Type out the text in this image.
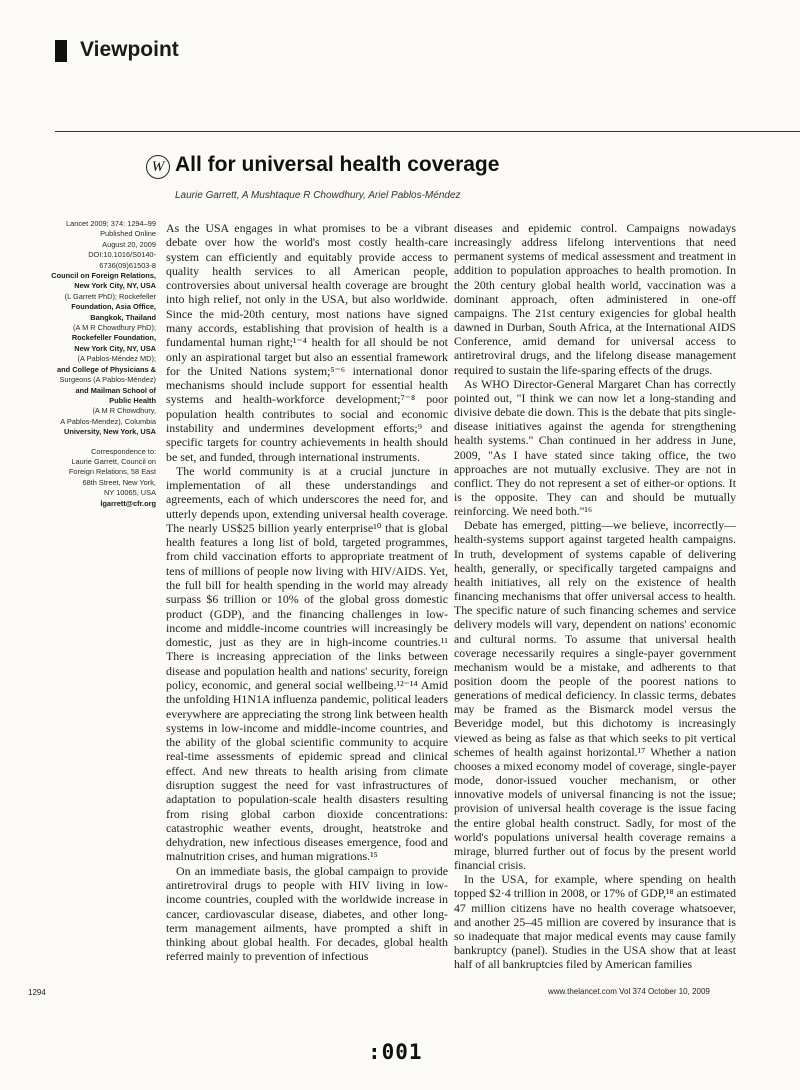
Viewpoint
W All for universal health coverage
Laurie Garrett, A Mushtaque R Chowdhury, Ariel Pablos-Méndez
Lancet 2009; 374: 1294–99
Published Online
August 20, 2009
DOI:10.1016/S0140-
6736(09)61503-8
Council on Foreign Relations,
New York City, NY, USA
(L Garrett PhD); Rockefeller
Foundation, Asia Office,
Bangkok, Thailand
(A M R Chowdhury PhD);
Rockefeller Foundation,
New York City, NY, USA
(A Pablos-Méndez MD);
and College of Physicians &
Surgeons (A Pablos-Méndez)
and Mailman School of
Public Health
(A M R Chowdhury,
A Pablos-Mendez), Columbia
University, New York, USA
Correspondence to:
Laurie Garrett, Council on
Foreign Relations, 58 East
68th Street, New York,
NY 10065, USA
lgarrett@cfr.org

As the USA engages in what promises to be a vibrant debate over how the world's most costly health-care system can efficiently and equitably provide access to quality health services to all American people, controversies about universal health coverage are brought into high relief, not only in the USA, but also worldwide. Since the mid-20th century, most nations have signed many accords, establishing that provision of health is a fundamental human right;¹⁻⁴ health for all should be not only an aspirational target but also an essential framework for the United Nations system;⁵⁻⁶ international donor mechanisms should include support for essential health systems and health-workforce development;⁷⁻⁸ poor population health contributes to social and economic instability and undermines development efforts;⁹ and specific targets for country achievements in health should be set, and funded, through international instruments.

The world community is at a crucial juncture in implementation of all these understandings and agreements, each of which underscores the need for, and utterly depends upon, extending universal health coverage. The nearly US$25 billion yearly enterprise¹⁰ that is global health features a long list of bold, targeted programmes, from child vaccination efforts to appropriate treatment of tens of millions of people now living with HIV/AIDS. Yet, the full bill for health spending in the world may already surpass $6 trillion or 10% of the global gross domestic product (GDP), and the financing challenges in low-income and middle-income countries will increasingly be domestic, just as they are in high-income countries.¹¹ There is increasing appreciation of the links between disease and population health and nations' security, foreign policy, economic, and general social wellbeing.¹²⁻¹⁴ Amid the unfolding H1N1A influenza pandemic, political leaders everywhere are appreciating the strong link between health systems in low-income and middle-income countries, and the ability of the global scientific community to acquire real-time assessments of epidemic spread and clinical effect. And new threats to health arising from climate disruption suggest the need for vast infrastructures of adaptation to population-scale health disasters resulting from rising global carbon dioxide concentrations: catastrophic weather events, drought, heatstroke and dehydration, new infectious diseases emergence, food and malnutrition crises, and human migrations.¹⁵

On an immediate basis, the global campaign to provide antiretroviral drugs to people with HIV living in low-income countries, coupled with the worldwide increase in cancer, cardiovascular disease, diabetes, and other long-term management ailments, have prompted a shift in thinking about global health. For decades, global health referred mainly to prevention of infectious

diseases and epidemic control. Campaigns nowadays increasingly address lifelong interventions that need permanent systems of medical assessment and treatment in addition to population approaches to health promotion. In the 20th century global health world, vaccination was a dominant approach, often administered in one-off campaigns. The 21st century exigencies for global health dawned in Durban, South Africa, at the International AIDS Conference, amid demand for universal access to antiretroviral drugs, and the lifelong disease management required to sustain the life-sparing effects of the drugs.

As WHO Director-General Margaret Chan has correctly pointed out, "I think we can now let a long-standing and divisive debate die down. This is the debate that pits single-disease initiatives against the agenda for strengthening health systems." Chan continued in her address in June, 2009, "As I have stated since taking office, the two approaches are not mutually exclusive. They are not in conflict. They do not represent a set of either-or options. It is the opposite. They can and should be mutually reinforcing. We need both."¹⁶

Debate has emerged, pitting—we believe, incorrectly—health-systems support against targeted health campaigns. In truth, development of systems capable of delivering health, generally, or specifically targeted campaigns and health initiatives, all rely on the existence of health financing mechanisms that offer universal access to health. The specific nature of such financing schemes and service delivery models will vary, dependent on nations' economic and cultural norms. To assume that universal health coverage necessarily requires a single-payer government mechanism would be a mistake, and adherents to that position doom the people of the poorest nations to generations of medical deficiency. In classic terms, debates may be framed as the Bismarck model versus the Beveridge model, but this dichotomy is increasingly viewed as being as false as that which seeks to pit vertical schemes of health against horizontal.¹⁷ Whether a nation chooses a mixed economy model of coverage, single-payer mode, donor-issued voucher mechanism, or other innovative models of universal financing is not the issue; provision of universal health coverage is the issue facing the entire global health construct. Sadly, for most of the world's populations universal health coverage remains a mirage, blurred further out of focus by the present world financial crisis.

In the USA, for example, where spending on health topped $2·4 trillion in 2008, or 17% of GDP,¹⁸ an estimated 47 million citizens have no health coverage whatsoever, and another 25–45 million are covered by insurance that is so inadequate that major medical events may cause family bankruptcy (panel). Studies in the USA show that at least half of all bankruptcies filed by American families

1294	www.thelancet.com Vol 374 October 10, 2009
:001
